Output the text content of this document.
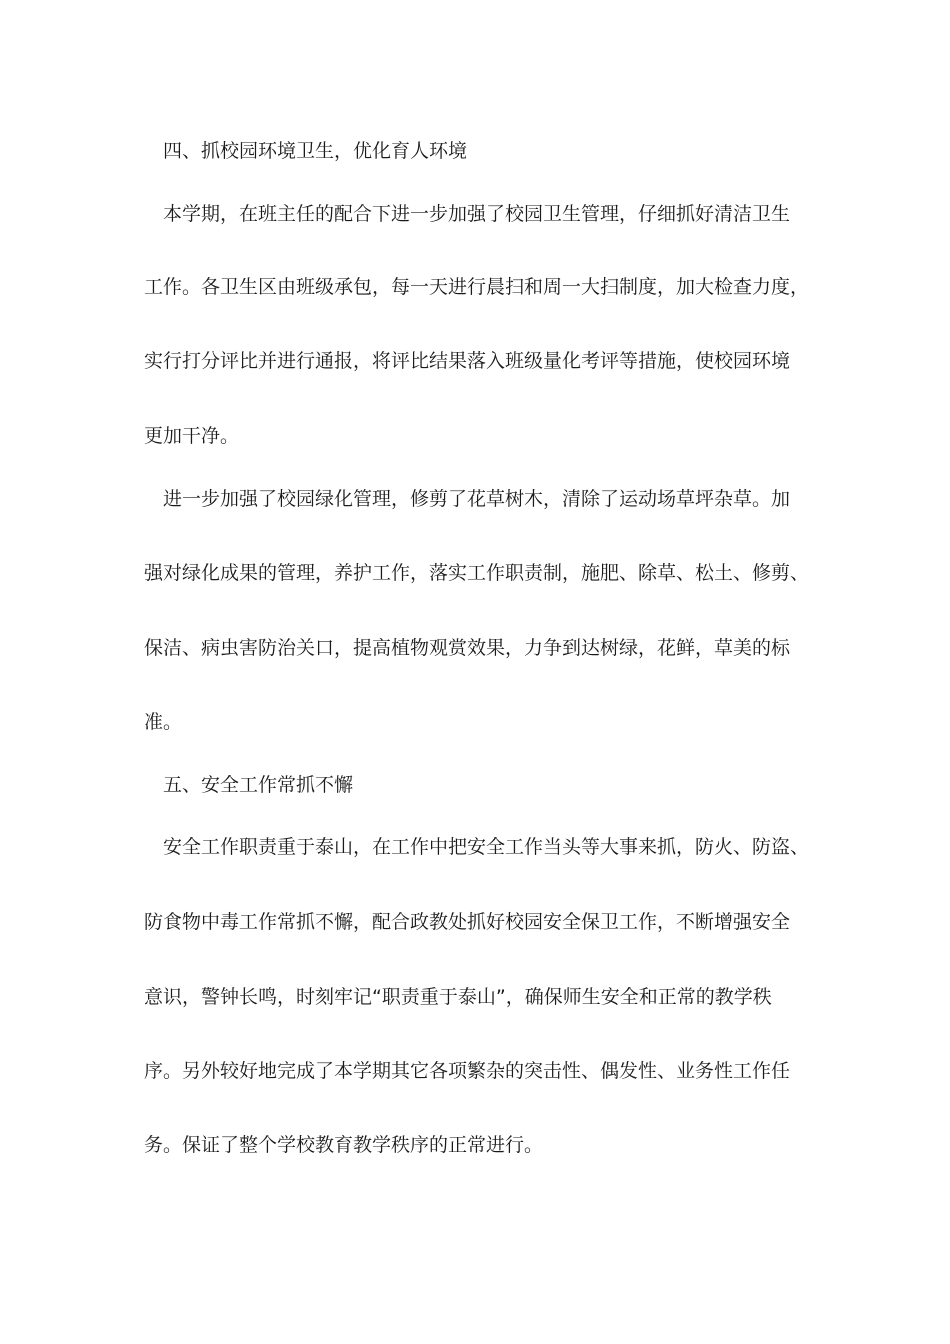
四、抓校园环境卫生，优化育人环境
本学期，在班主任的配合下进一步加强了校园卫生管理，仔细抓好清洁卫生
工作。各卫生区由班级承包，每一天进行晨扫和周一大扫制度，加大检查力度，
实行打分评比并进行通报，将评比结果落入班级量化考评等措施，使校园环境
更加干净。
进一步加强了校园绿化管理，修剪了花草树木，清除了运动场草坪杂草。加
强对绿化成果的管理，养护工作，落实工作职责制，施肥、除草、松土、修剪、
保洁、病虫害防治关口，提高植物观赏效果，力争到达树绿，花鲜，草美的标
准。
五、安全工作常抓不懈
安全工作职责重于泰山，在工作中把安全工作当头等大事来抓，防火、防盗、
防食物中毒工作常抓不懈，配合政教处抓好校园安全保卫工作，不断增强安全
意识，警钟长鸣，时刻牢记“职责重于泰山”，确保师生安全和正常的教学秩
序。另外较好地完成了本学期其它各项繁杂的突击性、偶发性、业务性工作任
务。保证了整个学校教育教学秩序的正常进行。
